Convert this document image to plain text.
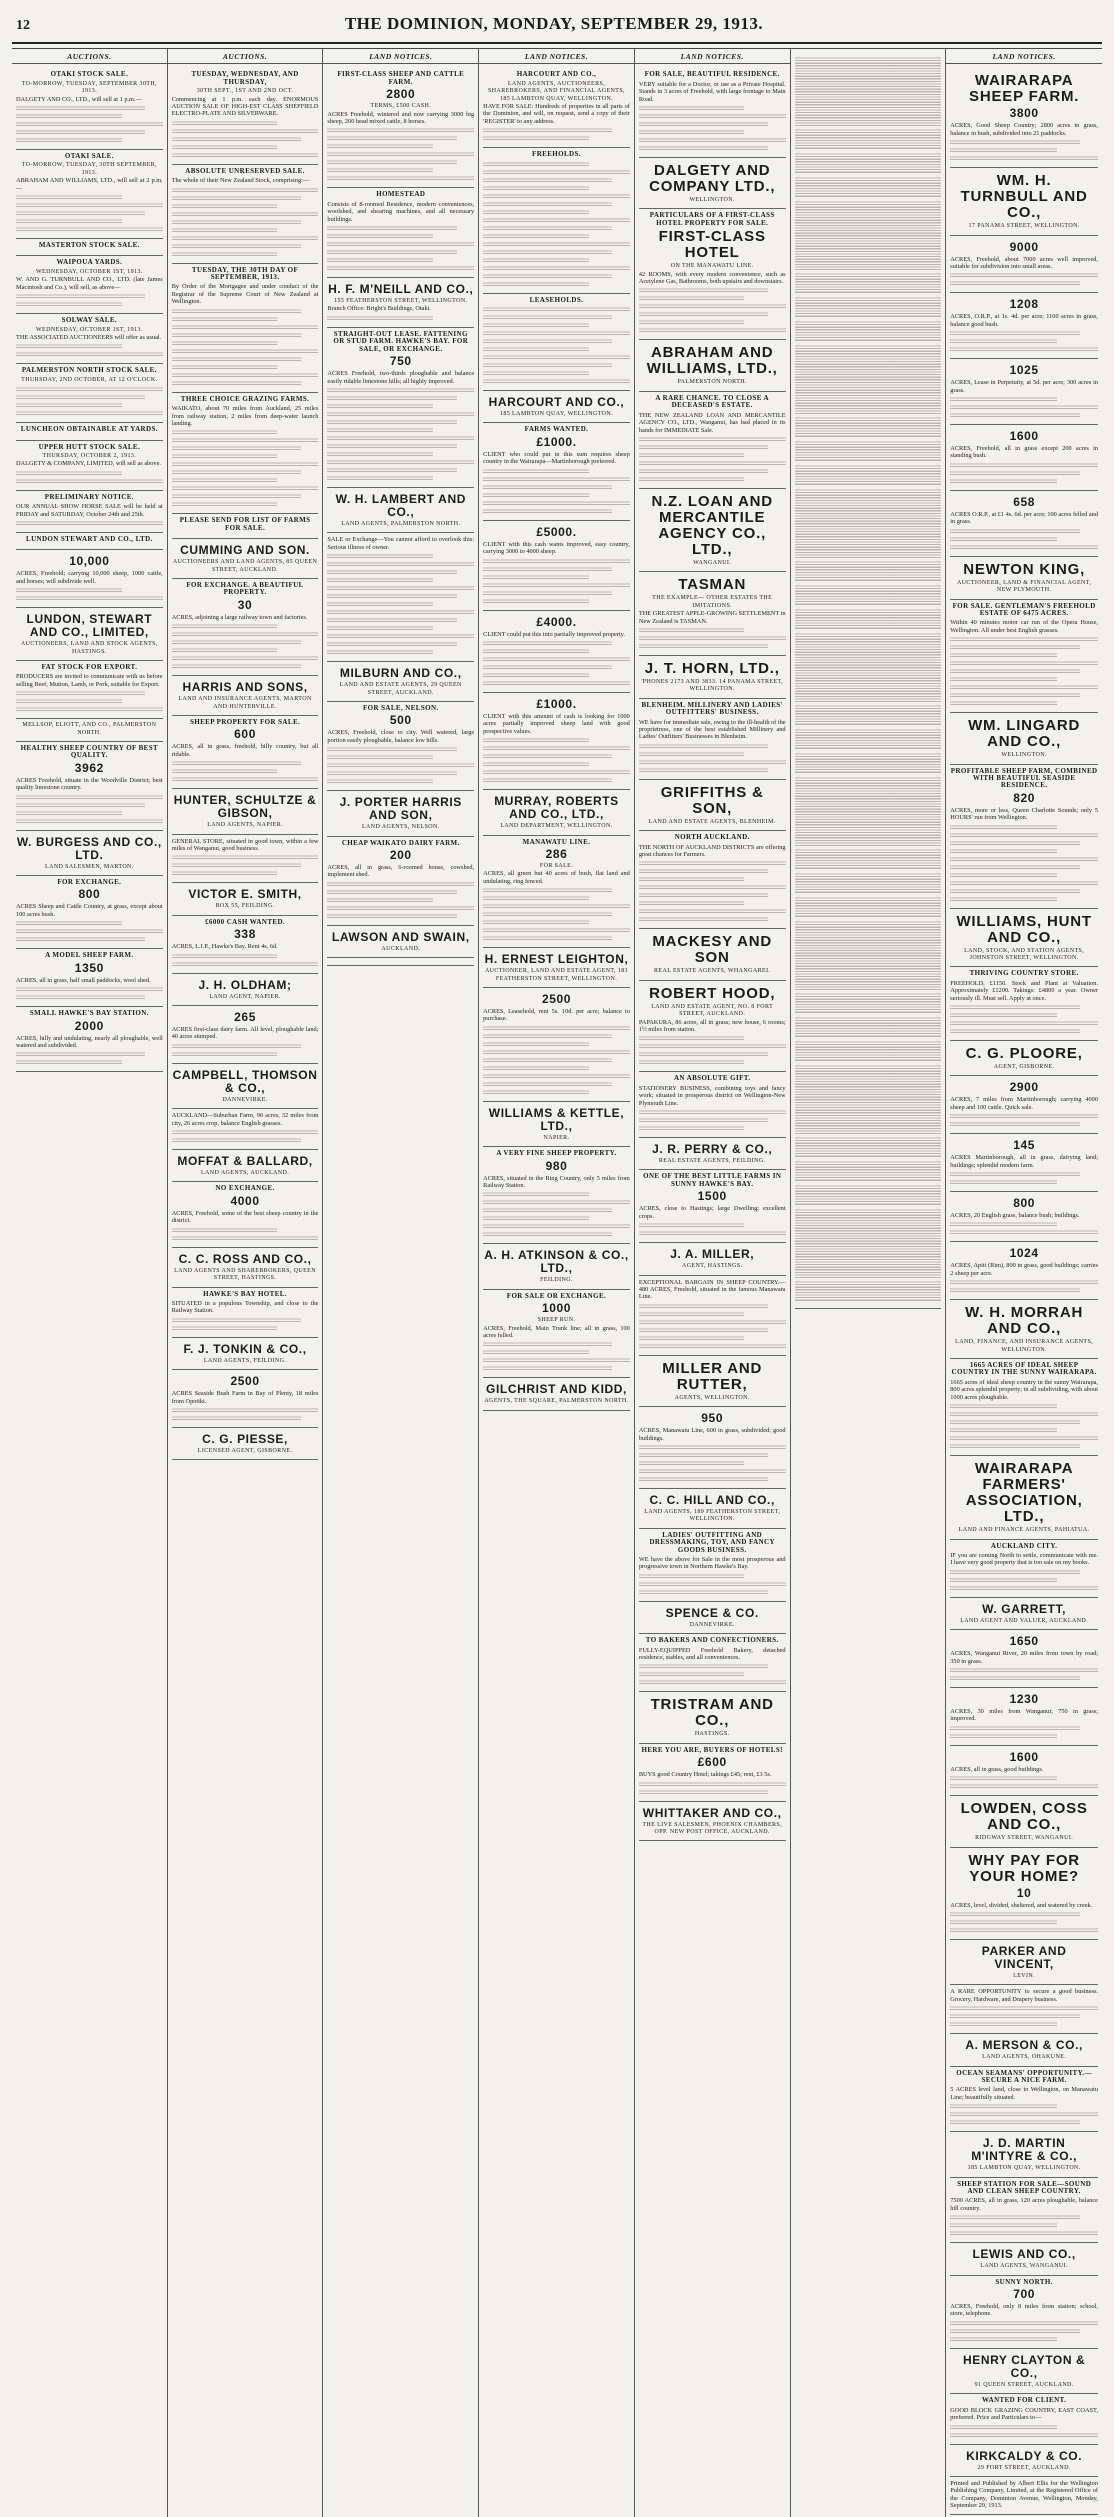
12	THE DOMINION, MONDAY, SEPTEMBER 29, 1913.
AUCTIONS.
OTAKI STOCK SALE.
TO-MORROW, TUESDAY, SEPTEMBER 30TH, 1913.
DALGETY AND CO., LTD., will sell at 1 p.m.—
OTAKI SALE.
TO-MORROW, TUESDAY, 30TH SEPTEMBER, 1913.
ABRAHAM AND WILLIAMS, LTD., will sell at 2 p.m.—
MASTERTON STOCK SALE.
WAIPOUA YARDS.
WEDNESDAY, OCTOBER 1ST, 1913.
W. AND G. TURNBULL AND CO., LTD. (late James Macintosh and Co.), will sell, as above—
SOLWAY SALE.
WEDNESDAY, OCTOBER 1ST, 1913.
THE ASSOCIATED AUCTIONEERS will offer as usual.
PALMERSTON NORTH STOCK SALE.
THURSDAY, 2ND OCTOBER, AT 12 O'CLOCK.
LUNCHEON OBTAINABLE AT YARDS.
UPPER HUTT STOCK SALE.
THURSDAY, OCTOBER 2, 1913.
DALGETY & COMPANY, LIMITED, will sell as above.
PRELIMINARY NOTICE.
OUR ANNUAL SHOW HORSE SALE will be held at FRIDAY and SATURDAY, October 24th and 25th.
LUNDON STEWART AND CO., LTD.
10,000
ACRES, Freehold; carrying 10,000 sheep, 1000 cattle, and horses; will subdivide well.
LUNDON, STEWART AND CO., LIMITED,
AUCTIONEERS, LAND AND STOCK AGENTS, HASTINGS.
FAT STOCK FOR EXPORT.
PRODUCERS are invited to communicate with us before selling Beef, Mutton, Lamb, or Pork, suitable for Export.
MELLSOP, ELIOTT, AND CO., PALMERSTON NORTH.
HEALTHY SHEEP COUNTRY OF BEST QUALITY.
3962
ACRES Freehold, situate in the Woodville District; best quality limestone country.
W. BURGESS AND CO., LTD.
LAND SALESMEN, MARTON.
FOR EXCHANGE.
800
ACRES Sheep and Cattle Country, at grass, except about 100 acres bush.
A MODEL SHEEP FARM.
1350
ACRES, all in grass, half small paddocks, wool shed.
SMALL HAWKE'S BAY STATION.
2000
ACRES, hilly and undulating, nearly all ploughable, well watered and subdivided.
AUCTIONS.
TUESDAY, WEDNESDAY, AND THURSDAY,
30TH SEPT., 1ST AND 2ND OCT.
Commencing at 1 p.m. each day. ENORMOUS AUCTION SALE OF HIGH-EST CLASS SHEFFIELD ELECTRO-PLATE AND SILVERWARE.
ABSOLUTE UNRESERVED SALE.
The whole of their New Zealand Stock, comprising:—
TUESDAY, THE 30TH DAY OF SEPTEMBER, 1913.
By Order of the Mortgagee and under conduct of the Registrar of the Supreme Court of New Zealand at Wellington.
THREE CHOICE GRAZING FARMS.
WAIKATO, about 70 miles from Auckland, 25 miles from railway station, 2 miles from deep-water launch landing.
PLEASE SEND FOR LIST OF FARMS FOR SALE.
CUMMING AND SON.
AUCTIONEERS AND LAND AGENTS, 85 QUEEN STREET, AUCKLAND.
FOR EXCHANGE. A BEAUTIFUL PROPERTY.
30
ACRES, adjoining a large railway town and factories.
HARRIS AND SONS,
LAND AND INSURANCE AGENTS, MARTON AND HUNTERVILLE.
SHEEP PROPERTY FOR SALE.
600
ACRES, all in grass, freehold, hilly country, but all ridable.
HUNTER, SCHULTZE & GIBSON,
LAND AGENTS, NAPIER.
GENERAL STORE, situated in good town, within a few miles of Wanganui, good business.
VICTOR E. SMITH,
BOX 55, FEILDING.
£6000 CASH WANTED.
338
ACRES, L.I.P., Hawke's Bay. Rent 4s. 6d.
J. H. OLDHAM;
LAND AGENT, NAPIER.
265
ACRES first-class dairy farm. All level, ploughable land; 40 acres stumped.
CAMPBELL, THOMSON & CO.,
DANNEVIRKE.
AUCKLAND—Suburban Farm, 90 acres, 32 miles from city, 26 acres crop, balance English grasses.
MOFFAT & BALLARD,
LAND AGENTS, AUCKLAND.
NO EXCHANGE.
4000
ACRES, Freehold, some of the best sheep country in the district.
C. C. ROSS AND CO.,
LAND AGENTS AND SHAREBROKERS, QUEEN STREET, HASTINGS.
HAWKE'S BAY HOTEL.
SITUATED in a populous Township, and close to the Railway Station.
F. J. TONKIN & CO.,
LAND AGENTS, FEILDING.
2500
ACRES Seaside Bush Farm in Bay of Plenty, 18 miles from Opotiki.
C. G. PIESSE,
LICENSED AGENT, GISBORNE.
LAND NOTICES.
FIRST-CLASS SHEEP AND CATTLE FARM.
2800
TERMS, £500 CASH.
ACRES Freehold, wintered and now carrying 3000 big sheep, 200 head mixed cattle, 8 horses.
HOMESTEAD
Consists of 8-roomed Residence, modern conveniences, woolshed, and shearing machines, and all necessary buildings.
H. F. M'NEILL AND CO.,
155 FEATHERSTON STREET, WELLINGTON.
Branch Office: Bright's Buildings, Otaki.
STRAIGHT-OUT LEASE. FATTENING OR STUD FARM. HAWKE'S BAY. FOR SALE, OR EXCHANGE.
750
ACRES Freehold, two-thirds ploughable and balance easily ridable limestone hills; all highly improved.
W. H. LAMBERT AND CO.,
LAND AGENTS, PALMERSTON NORTH.
SALE or Exchange—You cannot afford to overlook this: Serious illness of owner.
MILBURN AND CO.,
LAND AND ESTATE AGENTS, 29 QUEEN STREET, AUCKLAND.
FOR SALE, NELSON.
500
ACRES, Freehold, close to city. Well watered, large portion easily ploughable, balance low hills.
J. PORTER HARRIS AND SON,
LAND AGENTS, NELSON.
CHEAP WAIKATO DAIRY FARM.
200
ACRES, all in grass, 6-roomed house, cowshed, implement shed.
LAWSON AND SWAIN,
AUCKLAND.
LAND NOTICES.
HARCOURT AND CO.,
LAND AGENTS, AUCTIONEERS, SHAREBROKERS, AND FINANCIAL AGENTS, 185 LAMBTON QUAY, WELLINGTON.
HAVE FOR SALE: Hundreds of properties in all parts of the Dominion, and will, on request, send a copy of their 'REGISTER' to any address.
FREEHOLDS.
LEASEHOLDS.
HARCOURT AND CO.,
185 LAMBTON QUAY, WELLINGTON.
FARMS WANTED.
£1000.
CLIENT who could put in this sum requires sheep country in the Wairarapa—Martinborough preferred.
£5000.
CLIENT with this cash wants improved, easy country, carrying 3000 to 4000 sheep.
£4000.
CLIENT could put this into partially improved property.
£1000.
CLIENT with this amount of cash is looking for 1000 acres partially improved sheep land with good prospective values.
MURRAY, ROBERTS AND CO., LTD.,
LAND DEPARTMENT, WELLINGTON.
MANAWATU LINE.
286
FOR SALE.
ACRES, all green but 40 acres of bush, flat land and undulating, ring fenced.
H. ERNEST LEIGHTON,
AUCTIONEER, LAND AND ESTATE AGENT, 181 FEATHERSTON STREET, WELLINGTON.
2500
ACRES, Leasehold, rent 5s. 10d. per acre; balance to purchase.
WILLIAMS & KETTLE, LTD.,
NAPIER.
A VERY FINE SHEEP PROPERTY.
980
ACRES, situated in the Ring Country, only 5 miles from Railway Station.
A. H. ATKINSON & CO., LTD.,
FEILDING.
FOR SALE OR EXCHANGE.
1000
SHEEP RUN.
ACRES, Freehold, Main Trunk line; all in grass, 100 acres felled.
GILCHRIST AND KIDD,
AGENTS, THE SQUARE, PALMERSTON NORTH.
LAND NOTICES.
FOR SALE, BEAUTIFUL RESIDENCE.
VERY suitable for a Doctor, or use as a Private Hospital. Stands in 3 acres of Freehold, with large frontage to Main Road.
DALGETY AND COMPANY LTD.,
WELLINGTON.
PARTICULARS OF A FIRST-CLASS HOTEL PROPERTY FOR SALE.
FIRST-CLASS HOTEL
ON THE MANAWATU LINE.
42 ROOMS, with every modern convenience, such as Acetylene Gas, Bathrooms, both upstairs and downstairs.
ABRAHAM AND WILLIAMS, LTD.,
PALMERSTON NORTH.
A RARE CHANCE. TO CLOSE A DECEASED'S ESTATE.
THE NEW ZEALAND LOAN AND MERCANTILE AGENCY CO., LTD., Wanganui, has had placed in its hands for IMMEDIATE Sale.
N.Z. LOAN AND MERCANTILE AGENCY CO., LTD.,
WANGANUI.
TASMAN
THE EXAMPLE— OTHER ESTATES THE IMITATIONS.
THE GREATEST APPLE-GROWING SETTLEMENT in New Zealand is TASMAN.
J. T. HORN, LTD.,
'PHONES 2173 AND 3833. 14 PANAMA STREET, WELLINGTON.
BLENHEIM. MILLINERY AND LADIES' OUTFITTERS' BUSINESS.
WE have for immediate sale, owing to the ill-health of the proprietress, one of the best established Millinery and Ladies' Outfitters' Businesses in Blenheim.
GRIFFITHS & SON,
LAND AND ESTATE AGENTS, BLENHEIM.
NORTH AUCKLAND.
THE NORTH OF AUCKLAND DISTRICTS are offering great chances for Farmers.
MACKESY AND SON
REAL ESTATE AGENTS, WHANGAREI.
ROBERT HOOD,
LAND AND ESTATE AGENT, NO. 8 FORT STREET, AUCKLAND.
PAPAKURA, 86 acres, all in grass; new house, 6 rooms; 1½ miles from station.
AN ABSOLUTE GIFT.
STATIONERY BUSINESS, combining toys and fancy work; situated in prosperous district on Wellington-New Plymouth Line.
J. R. PERRY & CO.,
REAL ESTATE AGENTS, FEILDING.
ONE OF THE BEST LITTLE FARMS IN SUNNY HAWKE'S BAY.
1500
ACRES, close to Hastings; large Dwelling; excellent crops.
J. A. MILLER,
AGENT, HASTINGS.
EXCEPTIONAL BARGAIN IN SHEEP COUNTRY.—480 ACRES, Freehold, situated in the famous Manawatu Line.
MILLER AND RUTTER,
AGENTS, WELLINGTON.
950
ACRES, Manawatu Line, 600 in grass, subdivided; good buildings.
C. C. HILL AND CO.,
LAND AGENTS, 189 FEATHERSTON STREET, WELLINGTON.
LADIES' OUTFITTING AND DRESSMAKING, TOY, AND FANCY GOODS BUSINESS.
WE have the above for Sale in the most prosperous and progressive town in Northern Hawke's Bay.
SPENCE & CO.
DANNEVIRKE.
TO BAKERS AND CONFECTIONERS.
FULLY-EQUIPPED Freehold Bakery, detached residence, stables, and all conveniences.
TRISTRAM AND CO.,
HASTINGS.
HERE YOU ARE, BUYERS OF HOTELS!
£600
BUYS good Country Hotel; takings £45; rent, £3 5s.
WHITTAKER AND CO.,
THE LIVE SALESMEN, PHOENIX CHAMBERS, OPP. NEW POST OFFICE, AUCKLAND.
LAND NOTICES.
WAIRARAPA SHEEP FARM.
3800
ACRES, Good Sheep Country; 2800 acres in grass, balance in bush, subdivided into 21 paddocks.
WM. H. TURNBULL AND CO.,
17 PANAMA STREET, WELLINGTON.
9000
ACRES, Freehold, about 7000 acres well improved, suitable for subdivision into small areas.
1208
ACRES, O.R.P., at 1s. 4d. per acre; 1100 acres in grass, balance good bush.
1025
ACRES, Lease in Perpetuity, at 5d. per acre; 300 acres in grass.
1600
ACRES, Freehold, all in grass except 200 acres in standing bush.
658
ACRES O.R.P., at £1 4s. 6d. per acre; 100 acres felled and in grass.
NEWTON KING,
AUCTIONEER, LAND & FINANCIAL AGENT, NEW PLYMOUTH.
FOR SALE. GENTLEMAN'S FREEHOLD ESTATE OF 6475 ACRES.
Within 40 minutes motor car run of the Opera House, Wellington. All under best English grasses.
WM. LINGARD AND CO.,
WELLINGTON.
PROFITABLE SHEEP FARM, COMBINED WITH BEAUTIFUL SEASIDE RESIDENCE.
820
ACRES, more or less, Queen Charlotte Sounds; only 5 HOURS' run from Wellington.
WILLIAMS, HUNT AND CO.,
LAND, STOCK, AND STATION AGENTS, JOHNSTON STREET, WELLINGTON.
THRIVING COUNTRY STORE.
FREEHOLD, £1150. Stock and Plant at Valuation. Approximately £1200. Takings: £4800 a year. Owner seriously ill. Must sell. Apply at once.
C. G. PLOORE,
AGENT, GISBORNE.
2900
ACRES, 7 miles from Martinborough; carrying 4000 sheep and 100 cattle. Quick sale.
145
ACRES Martinborough, all in grass, dairying land; buildings; splendid modern farm.
800
ACRES, 20 English grass, balance bush; buildings.
1024
ACRES, Apiti (Rim), 800 in grass, good buildings; carries 2 sheep per acre.
W. H. MORRAH AND CO.,
LAND, FINANCE, AND INSURANCE AGENTS, WELLINGTON.
1665 ACRES OF IDEAL SHEEP COUNTRY IN THE SUNNY WAIRARAPA.
1665 acres of ideal sheep country in the sunny Wairarapa, 800 acres splendid property; in all subdividing, with about 1000 acres ploughable.
WAIRARAPA FARMERS' ASSOCIATION, LTD.,
LAND AND FINANCE AGENTS, PAHIATUA.
AUCKLAND CITY.
IF you are coming North to settle, communicate with me. I have very good property that is too sale on my books.
W. GARRETT,
LAND AGENT AND VALUER, AUCKLAND.
1650
ACRES, Wanganui River, 20 miles from town by road; 350 in grass.
1230
ACRES, 30 miles from Wanganui; 750 in grass; improved.
1600
ACRES, all in grass, good buildings.
LOWDEN, COSS AND CO.,
RIDGWAY STREET, WANGANUI.
WHY PAY FOR YOUR HOME?
10
ACRES, level, divided, sheltered, and watered by creek.
PARKER AND VINCENT,
LEVIN.
A RARE OPPORTUNITY to secure a good business. Grocery, Hardware, and Drapery business.
A. MERSON & CO.,
LAND AGENTS, OHAKUNE.
OCEAN SEAMANS' OPPORTUNITY.—SECURE A NICE FARM.
5 ACRES level land, close to Wellington, on Manawatu Line; beautifully situated.
J. D. MARTIN M'INTYRE & CO.,
185 LAMBTON QUAY, WELLINGTON.
SHEEP STATION FOR SALE—SOUND AND CLEAN SHEEP COUNTRY.
7500 ACRES, all in grass, 120 acres ploughable, balance hill country.
LEWIS AND CO.,
LAND AGENTS, WANGANUI.
SUNNY NORTH.
700
ACRES, Freehold, only 8 miles from station; school, store, telephone.
HENRY CLAYTON & CO.,
91 QUEEN STREET, AUCKLAND.
WANTED FOR CLIENT.
GOOD BLOCK GRAZING COUNTRY, EAST COAST, preferred. Price and Particulars to—
KIRKCALDY & CO.
29 FORT STREET, AUCKLAND.
Printed and Published by Albert Ellis for the Wellington Publishing Company, Limited, at the Registered Office of the Company, Dominion Avenue, Wellington, Monday, September 29, 1913.
